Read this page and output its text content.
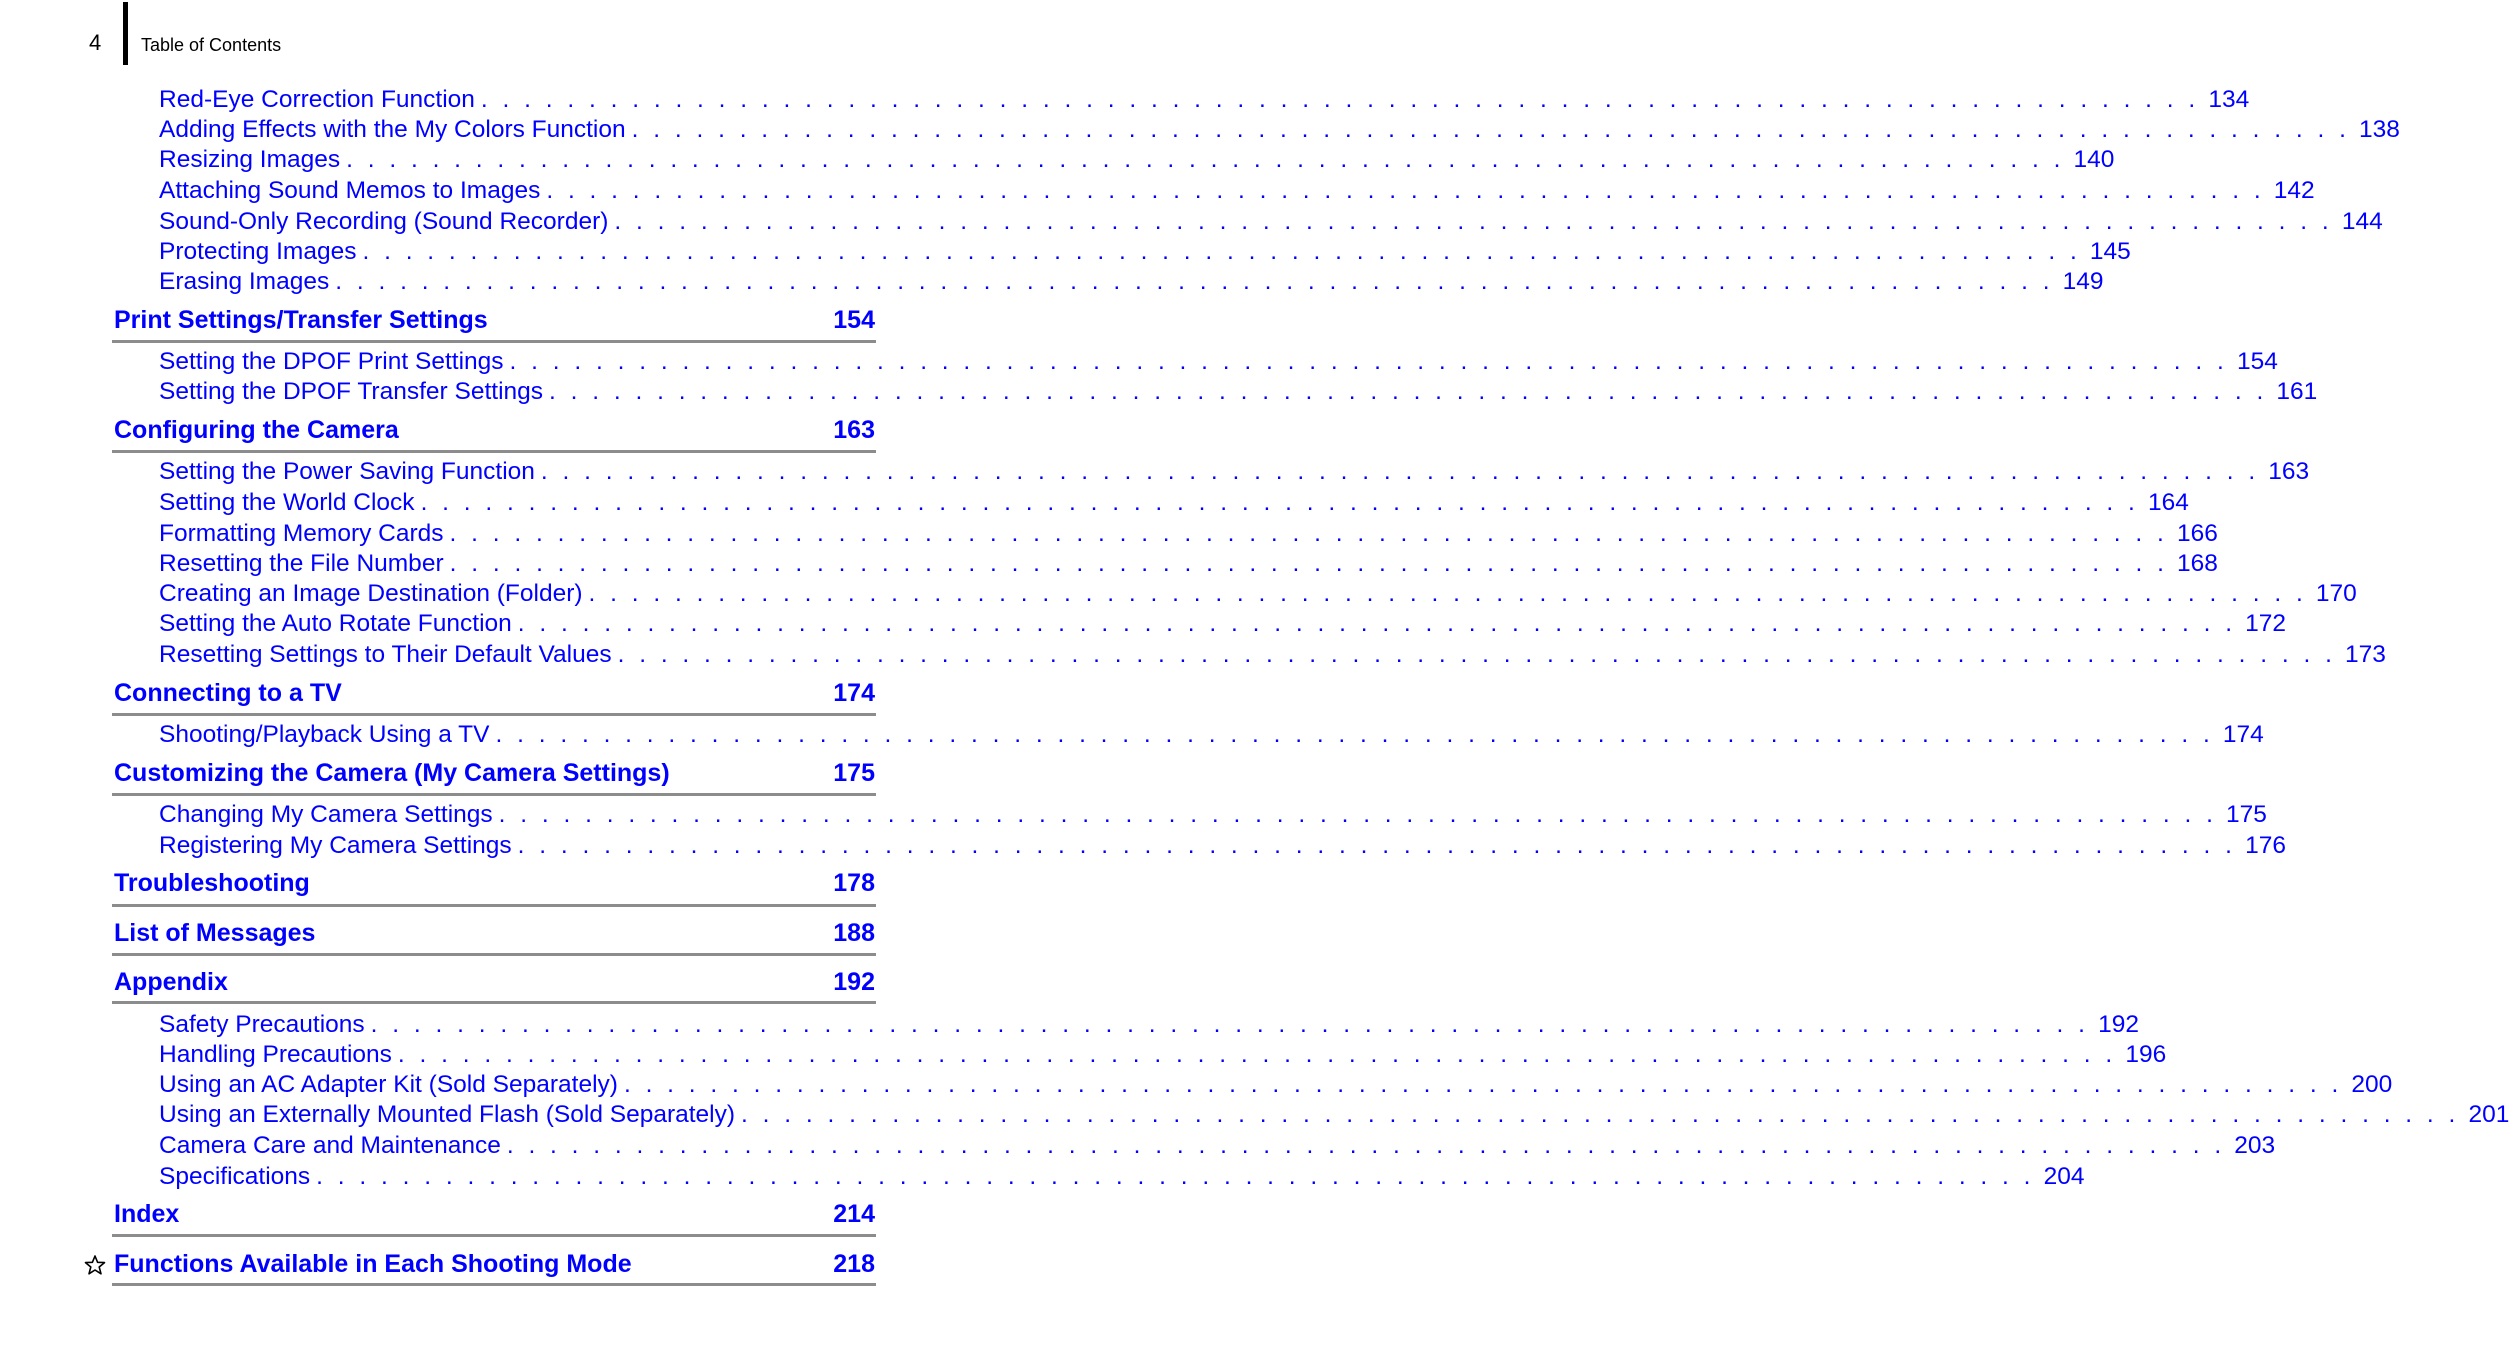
4 Table of Contents
Red-Eye Correction Function . . . . . . . . . . . . . . . . . . . . . . . . . . . . . . . . . . . . . . . . . . . . . . . . . . . . . . . . . . . . . . . . . . . . . . . . . . . . . . . . 134
Adding Effects with the My Colors Function . . . . . . . . . . . . . . . . . . . . . . . . . . . . . . . . . . . . . . . . . . . . . . . . . . . . . . . . . . . . . . . . . . . . . . . . . . . . . . . . 138
Resizing Images . . . . . . . . . . . . . . . . . . . . . . . . . . . . . . . . . . . . . . . . . . . . . . . . . . . . . . . . . . . . . . . . . . . . . . . . . . . . . . . . 140
Attaching Sound Memos to Images . . . . . . . . . . . . . . . . . . . . . . . . . . . . . . . . . . . . . . . . . . . . . . . . . . . . . . . . . . . . . . . . . . . . . . . . . . . . . . . . 142
Sound-Only Recording (Sound Recorder) . . . . . . . . . . . . . . . . . . . . . . . . . . . . . . . . . . . . . . . . . . . . . . . . . . . . . . . . . . . . . . . . . . . . . . . . . . . . . . . . 144
Protecting Images . . . . . . . . . . . . . . . . . . . . . . . . . . . . . . . . . . . . . . . . . . . . . . . . . . . . . . . . . . . . . . . . . . . . . . . . . . . . . . . . 145
Erasing Images . . . . . . . . . . . . . . . . . . . . . . . . . . . . . . . . . . . . . . . . . . . . . . . . . . . . . . . . . . . . . . . . . . . . . . . . . . . . . . . . 149
Print Settings/Transfer Settings	154
Setting the DPOF Print Settings . . . . . . . . . . . . . . . . . . . . . . . . . . . . . . . . . . . . . . . . . . . . . . . . . . . . . . . . . . . . . . . . . . . . . . . . . . . . . . . . 154
Setting the DPOF Transfer Settings . . . . . . . . . . . . . . . . . . . . . . . . . . . . . . . . . . . . . . . . . . . . . . . . . . . . . . . . . . . . . . . . . . . . . . . . . . . . . . . . 161
Configuring the Camera	163
Setting the Power Saving Function . . . . . . . . . . . . . . . . . . . . . . . . . . . . . . . . . . . . . . . . . . . . . . . . . . . . . . . . . . . . . . . . . . . . . . . . . . . . . . . . 163
Setting the World Clock . . . . . . . . . . . . . . . . . . . . . . . . . . . . . . . . . . . . . . . . . . . . . . . . . . . . . . . . . . . . . . . . . . . . . . . . . . . . . . . . 164
Formatting Memory Cards . . . . . . . . . . . . . . . . . . . . . . . . . . . . . . . . . . . . . . . . . . . . . . . . . . . . . . . . . . . . . . . . . . . . . . . . . . . . . . . . 166
Resetting the File Number . . . . . . . . . . . . . . . . . . . . . . . . . . . . . . . . . . . . . . . . . . . . . . . . . . . . . . . . . . . . . . . . . . . . . . . . . . . . . . . . 168
Creating an Image Destination (Folder) . . . . . . . . . . . . . . . . . . . . . . . . . . . . . . . . . . . . . . . . . . . . . . . . . . . . . . . . . . . . . . . . . . . . . . . . . . . . . . . . 170
Setting the Auto Rotate Function . . . . . . . . . . . . . . . . . . . . . . . . . . . . . . . . . . . . . . . . . . . . . . . . . . . . . . . . . . . . . . . . . . . . . . . . . . . . . . . . 172
Resetting Settings to Their Default Values . . . . . . . . . . . . . . . . . . . . . . . . . . . . . . . . . . . . . . . . . . . . . . . . . . . . . . . . . . . . . . . . . . . . . . . . . . . . . . . . 173
Connecting to a TV	174
Shooting/Playback Using a TV . . . . . . . . . . . . . . . . . . . . . . . . . . . . . . . . . . . . . . . . . . . . . . . . . . . . . . . . . . . . . . . . . . . . . . . . . . . . . . . . 174
Customizing the Camera (My Camera Settings)	175
Changing My Camera Settings . . . . . . . . . . . . . . . . . . . . . . . . . . . . . . . . . . . . . . . . . . . . . . . . . . . . . . . . . . . . . . . . . . . . . . . . . . . . . . . . 175
Registering My Camera Settings . . . . . . . . . . . . . . . . . . . . . . . . . . . . . . . . . . . . . . . . . . . . . . . . . . . . . . . . . . . . . . . . . . . . . . . . . . . . . . . . 176
Troubleshooting	178
List of Messages	188
Appendix	192
Safety Precautions . . . . . . . . . . . . . . . . . . . . . . . . . . . . . . . . . . . . . . . . . . . . . . . . . . . . . . . . . . . . . . . . . . . . . . . . . . . . . . . . 192
Handling Precautions . . . . . . . . . . . . . . . . . . . . . . . . . . . . . . . . . . . . . . . . . . . . . . . . . . . . . . . . . . . . . . . . . . . . . . . . . . . . . . . . 196
Using an AC Adapter Kit (Sold Separately) . . . . . . . . . . . . . . . . . . . . . . . . . . . . . . . . . . . . . . . . . . . . . . . . . . . . . . . . . . . . . . . . . . . . . . . . . . . . . . . . 200
Using an Externally Mounted Flash (Sold Separately) . . . . . . . . . . . . . . . . . . . . . . . . . . . . . . . . . . . . . . . . . . . . . . . . . . . . . . . . . . . . . . . . . . . . . . . . . . . . . . . . 201
Camera Care and Maintenance . . . . . . . . . . . . . . . . . . . . . . . . . . . . . . . . . . . . . . . . . . . . . . . . . . . . . . . . . . . . . . . . . . . . . . . . . . . . . . . . 203
Specifications . . . . . . . . . . . . . . . . . . . . . . . . . . . . . . . . . . . . . . . . . . . . . . . . . . . . . . . . . . . . . . . . . . . . . . . . . . . . . . . . 204
Index	214
Functions Available in Each Shooting Mode	218
